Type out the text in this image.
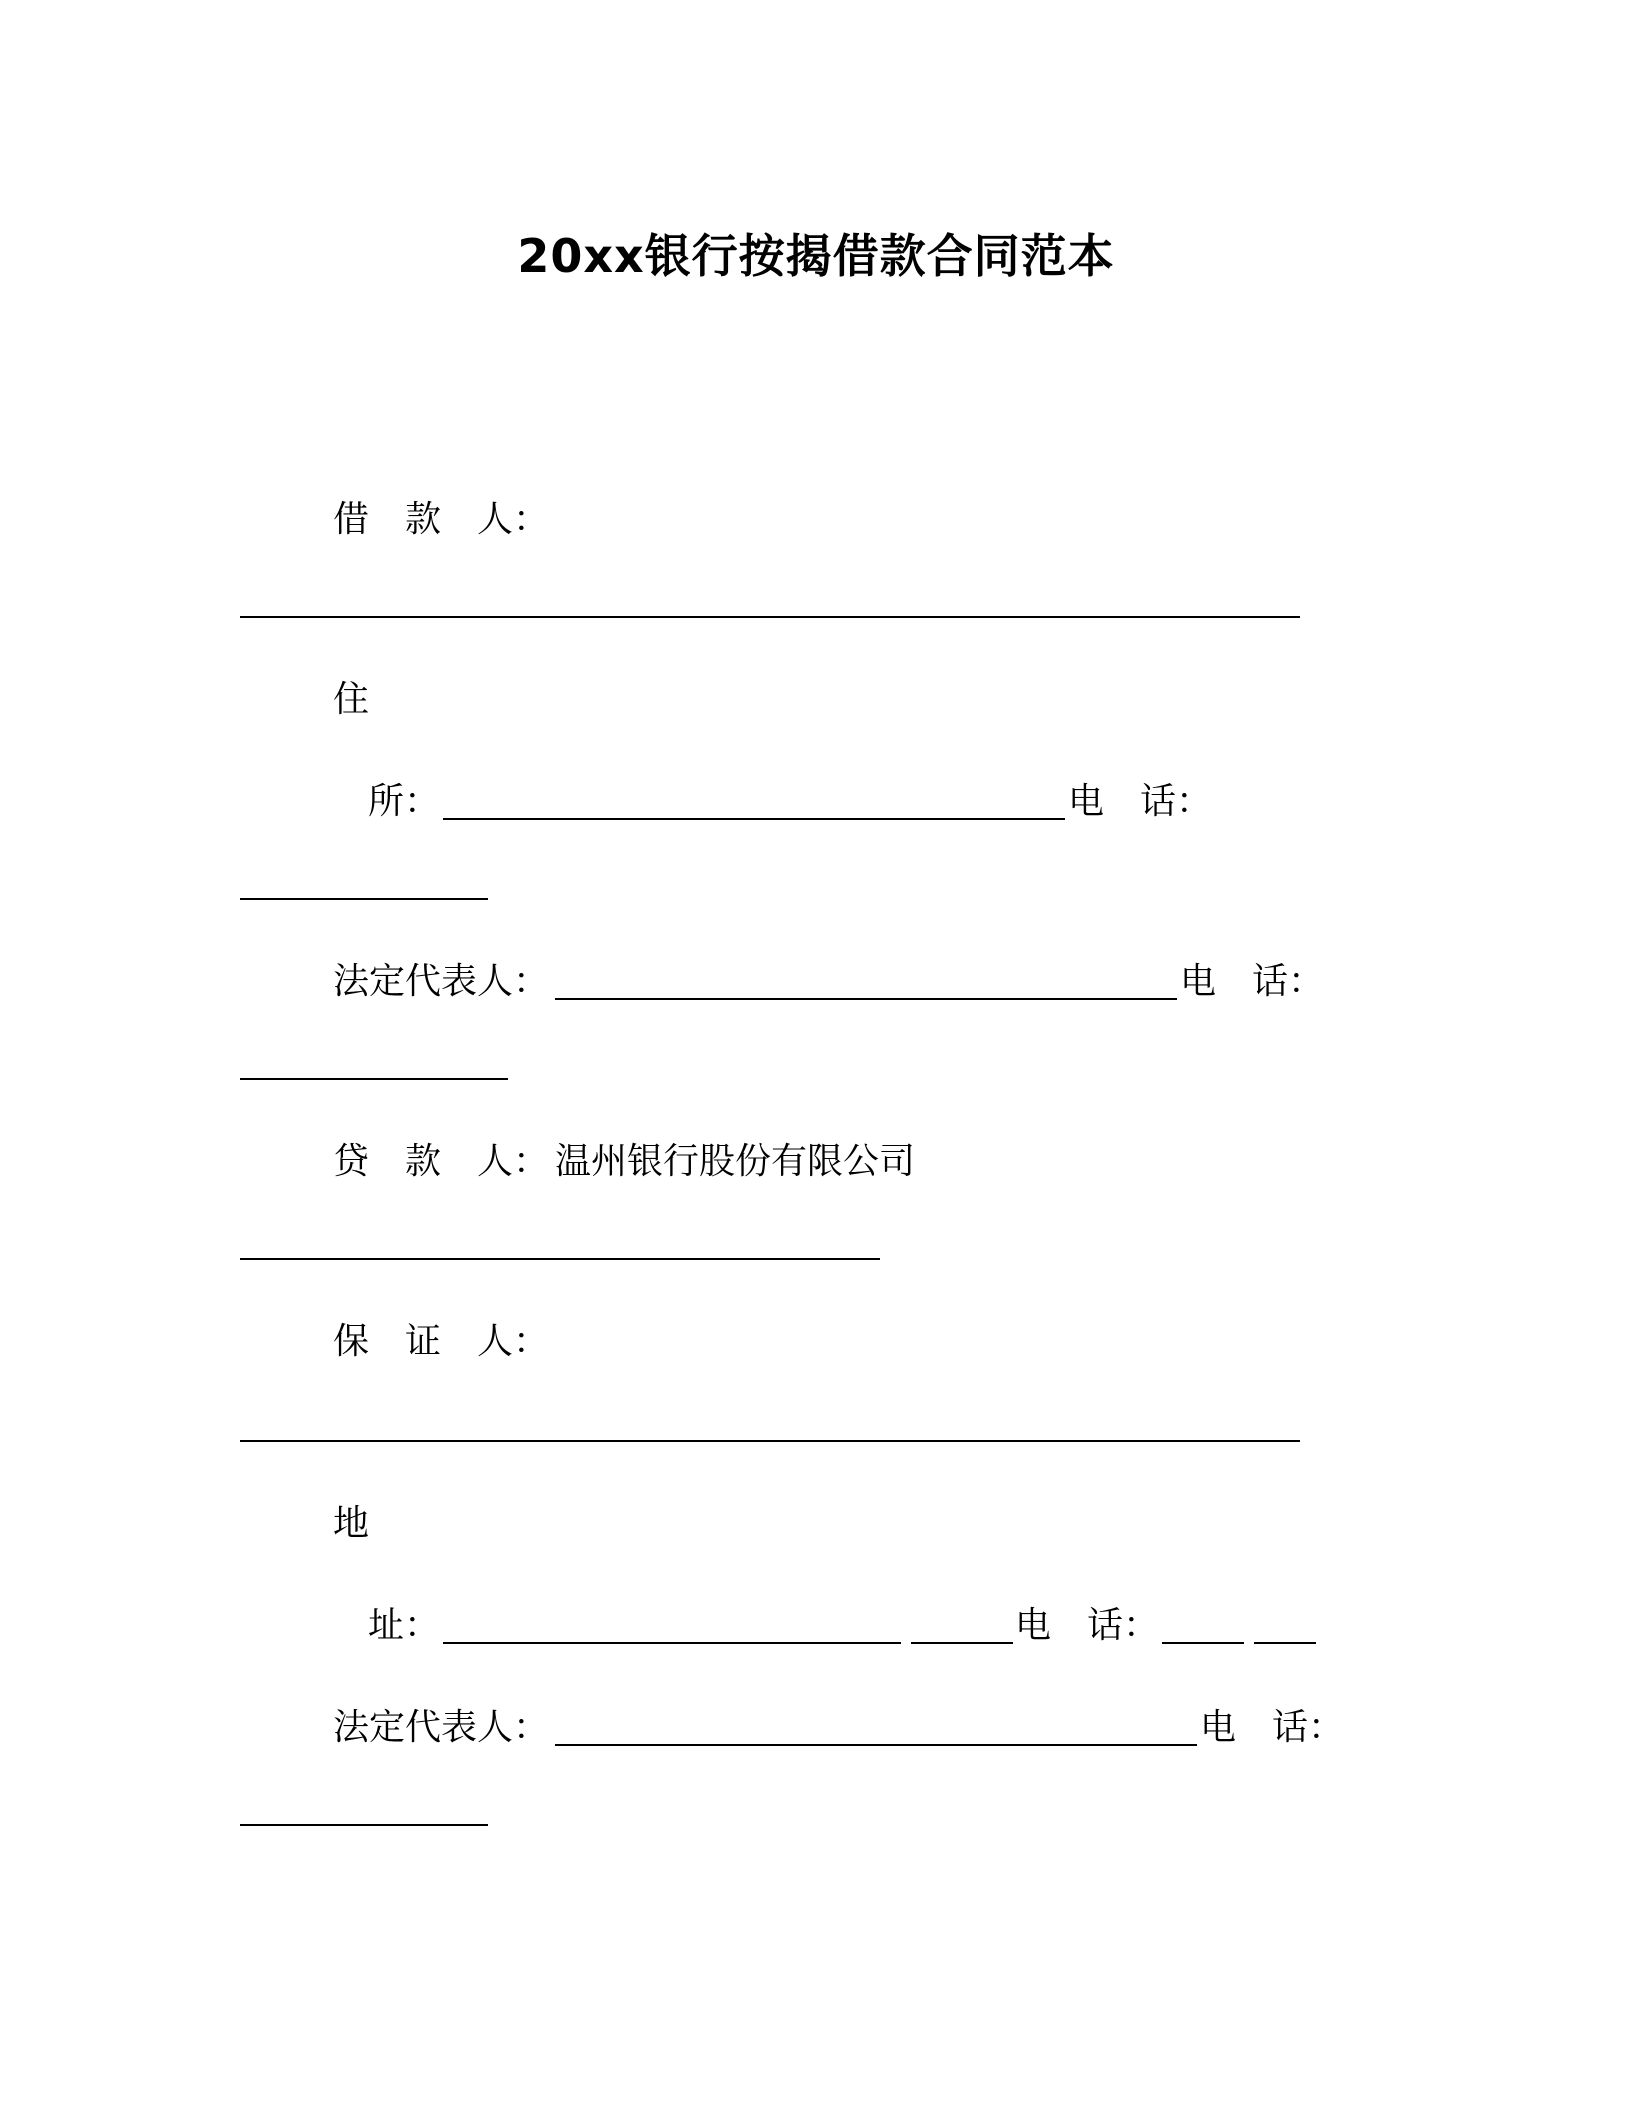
20xx银行按揭借款合同范本
借　款　人：
住
所：	电　话：
法定代表人：	电　话：
贷　款　人： 温州银行股份有限公司
保　证　人：
地
址：	电　话：
法定代表人：	电　话：
